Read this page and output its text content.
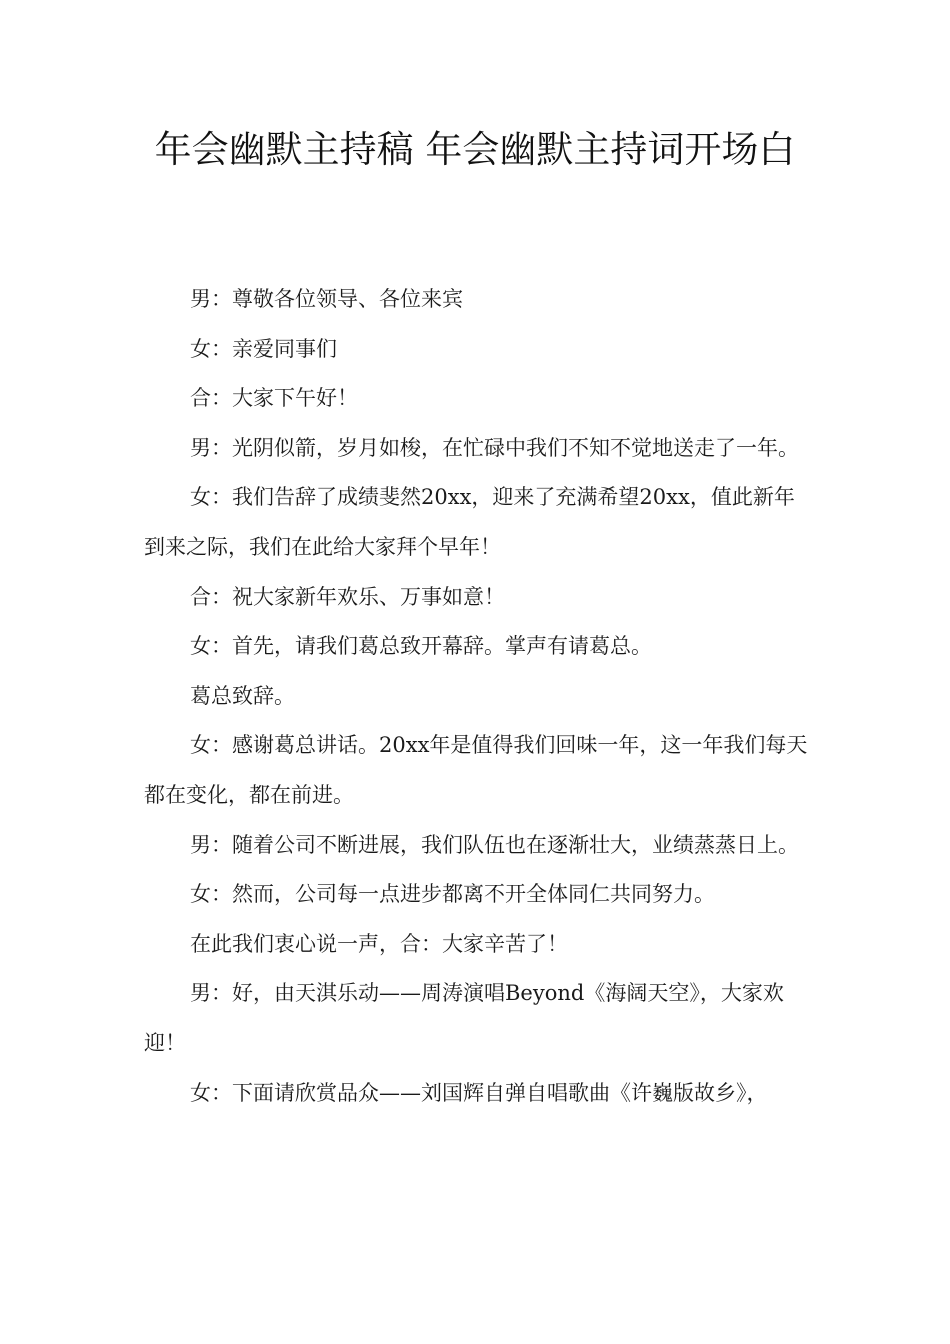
年会幽默主持稿 年会幽默主持词开场白

男：尊敬各位领导、各位来宾

女：亲爱同事们

合：大家下午好！

男：光阴似箭，岁月如梭，在忙碌中我们不知不觉地送走了一年。

女：我们告辞了成绩斐然20xx，迎来了充满希望20xx，值此新年到来之际，我们在此给大家拜个早年！

合：祝大家新年欢乐、万事如意！

女：首先，请我们葛总致开幕辞。掌声有请葛总。

葛总致辞。

女：感谢葛总讲话。20xx年是值得我们回味一年，这一年我们每天都在变化，都在前进。

男：随着公司不断进展，我们队伍也在逐渐壮大，业绩蒸蒸日上。

女：然而，公司每一点进步都离不开全体同仁共同努力。

在此我们衷心说一声，合：大家辛苦了！

男：好，由天淇乐动——周涛演唱Beyond《海阔天空》，大家欢迎！

女：下面请欣赏品众——刘国辉自弹自唱歌曲《许巍版故乡》，
